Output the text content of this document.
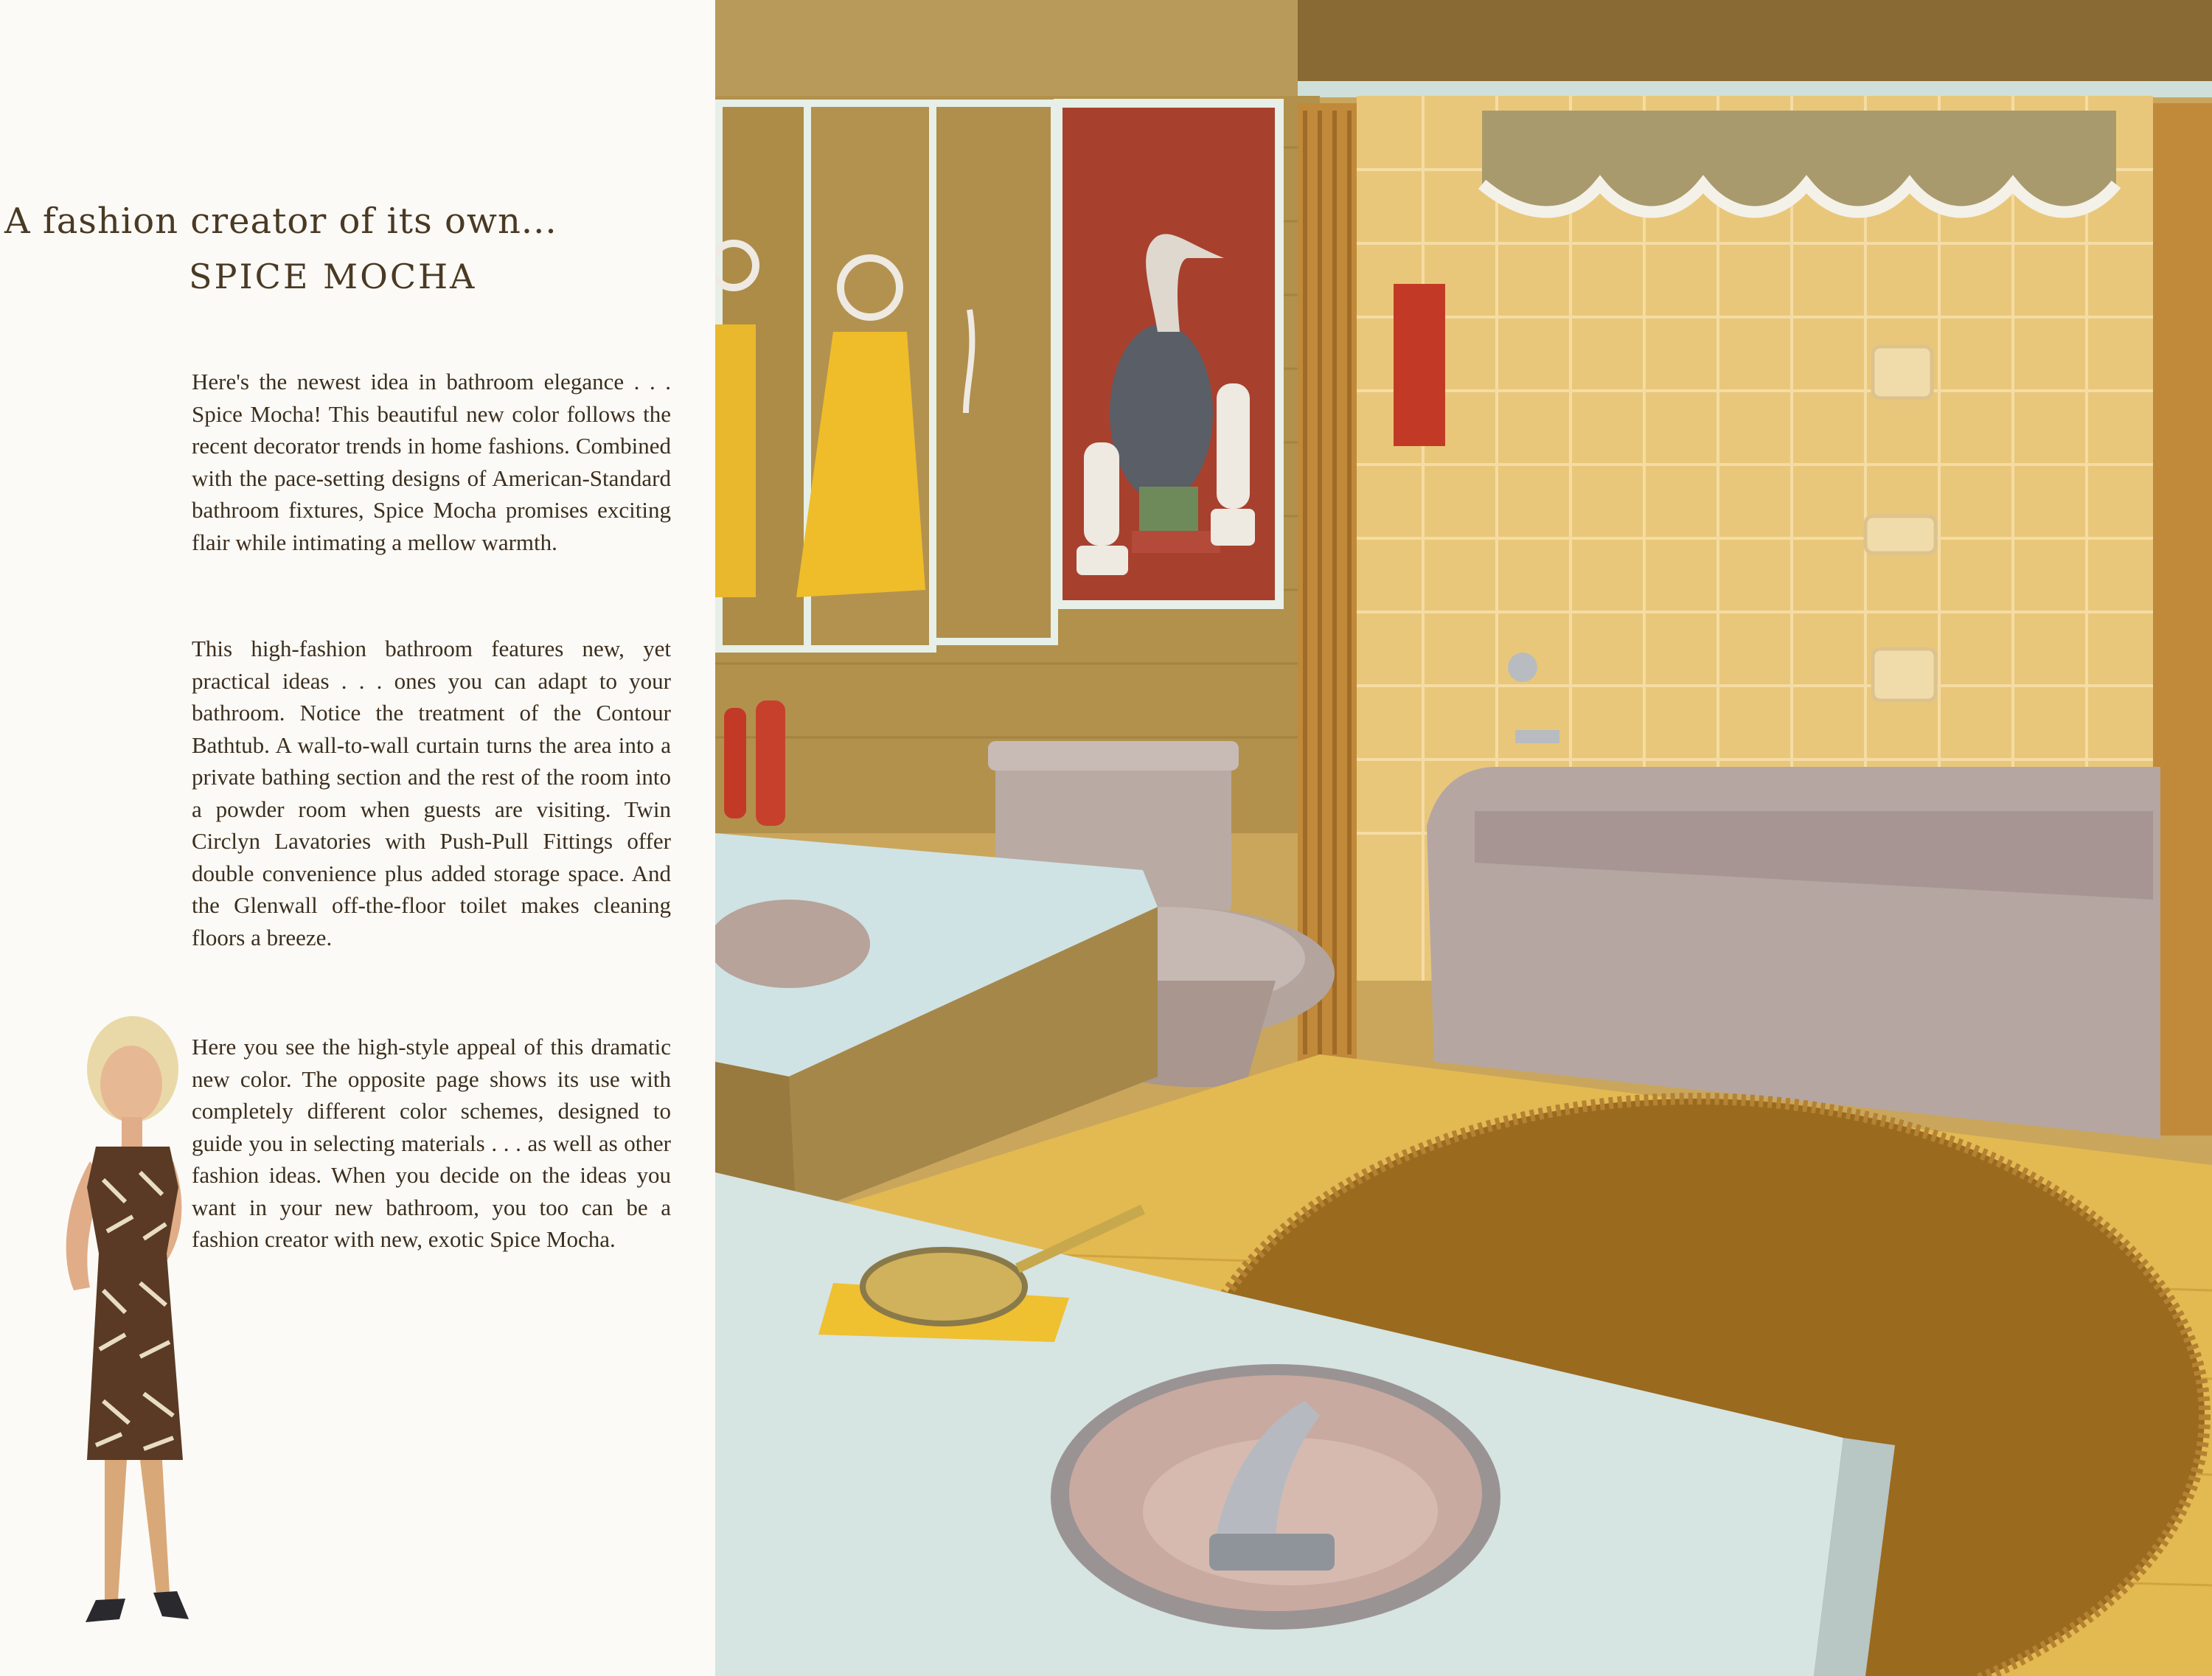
A fashion creator of its own...
SPICE MOCHA

Here's the newest idea in bathroom elegance . . . Spice Mocha! This beautiful new color follows the recent decorator trends in home fashions. Combined with the pace-setting designs of American-Standard bathroom fixtures, Spice Mocha promises exciting flair while intimating a mellow warmth.

This high-fashion bathroom features new, yet practical ideas . . . ones you can adapt to your bathroom. Notice the treatment of the Contour Bathtub. A wall-to-wall curtain turns the area into a private bathing section and the rest of the room into a powder room when guests are visiting. Twin Circlyn Lavatories with Push-Pull Fittings offer double convenience plus added storage space. And the Glenwall off-the-floor toilet makes cleaning floors a breeze.

Here you see the high-style appeal of this dramatic new color. The opposite page shows its use with completely different color schemes, designed to guide you in selecting materials . . . as well as other fashion ideas. When you decide on the ideas you want in your new bathroom, you too can be a fashion creator with new, exotic Spice Mocha.
